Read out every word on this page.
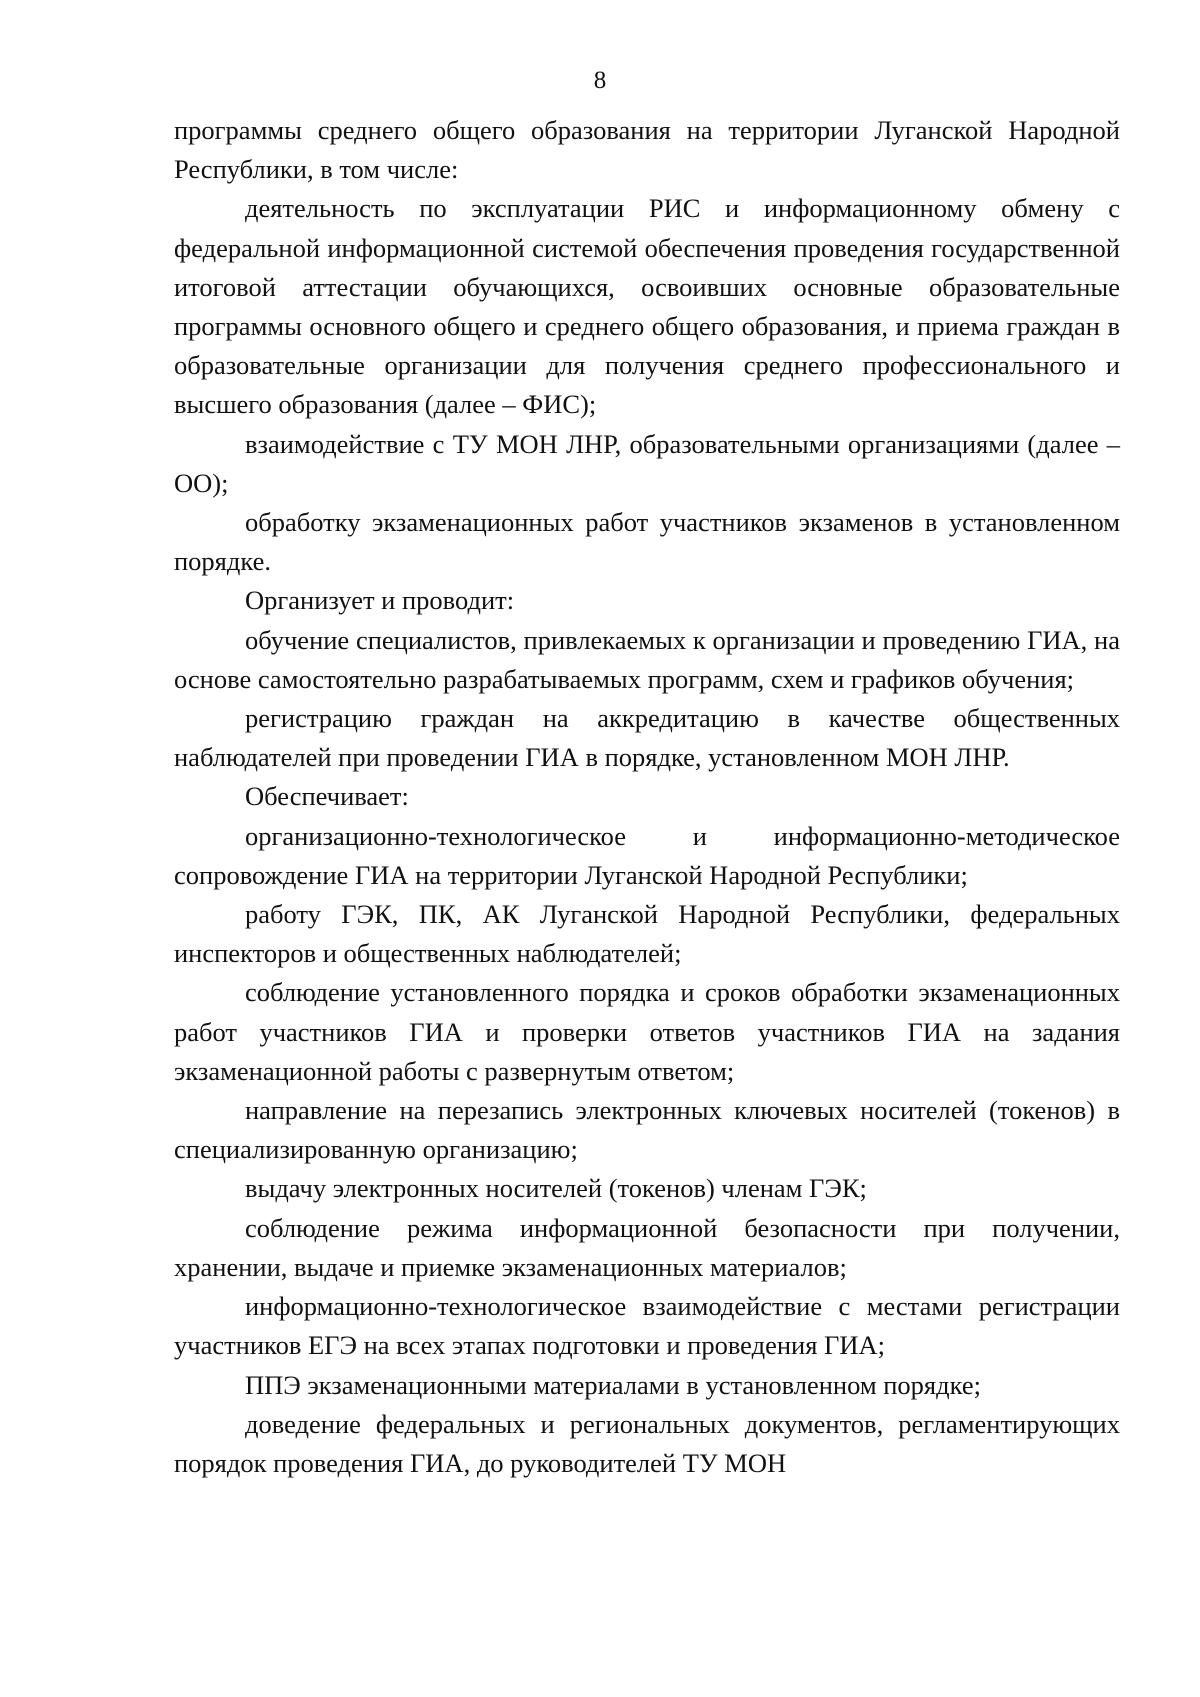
8

программы среднего общего образования на территории Луганской Народной Республики, в том числе:

деятельность по эксплуатации РИС и информационному обмену с федеральной информационной системой обеспечения проведения государственной итоговой аттестации обучающихся, освоивших основные образовательные программы основного общего и среднего общего образования, и приема граждан в образовательные организации для получения среднего профессионального и высшего образования (далее – ФИС);

взаимодействие с ТУ МОН ЛНР, образовательными организациями (далее – ОО);

обработку экзаменационных работ участников экзаменов в установленном порядке.

Организует и проводит:

обучение специалистов, привлекаемых к организации и проведению ГИА, на основе самостоятельно разрабатываемых программ, схем и графиков обучения;

регистрацию граждан на аккредитацию в качестве общественных наблюдателей при проведении ГИА в порядке, установленном МОН ЛНР.

Обеспечивает:

организационно-технологическое и информационно-методическое сопровождение ГИА на территории Луганской Народной Республики;

работу ГЭК, ПК, АК Луганской Народной Республики, федеральных инспекторов и общественных наблюдателей;

соблюдение установленного порядка и сроков обработки экзаменационных работ участников ГИА и проверки ответов участников ГИА на задания экзаменационной работы с развернутым ответом;

направление на перезапись электронных ключевых носителей (токенов) в специализированную организацию;

выдачу электронных носителей (токенов) членам ГЭК;

соблюдение режима информационной безопасности при получении, хранении, выдаче и приемке экзаменационных материалов;

информационно-технологическое взаимодействие с местами регистрации участников ЕГЭ на всех этапах подготовки и проведения ГИА;

ППЭ экзаменационными материалами в установленном порядке;

доведение федеральных и региональных документов, регламентирующих порядок проведения ГИА, до руководителей ТУ МОН
